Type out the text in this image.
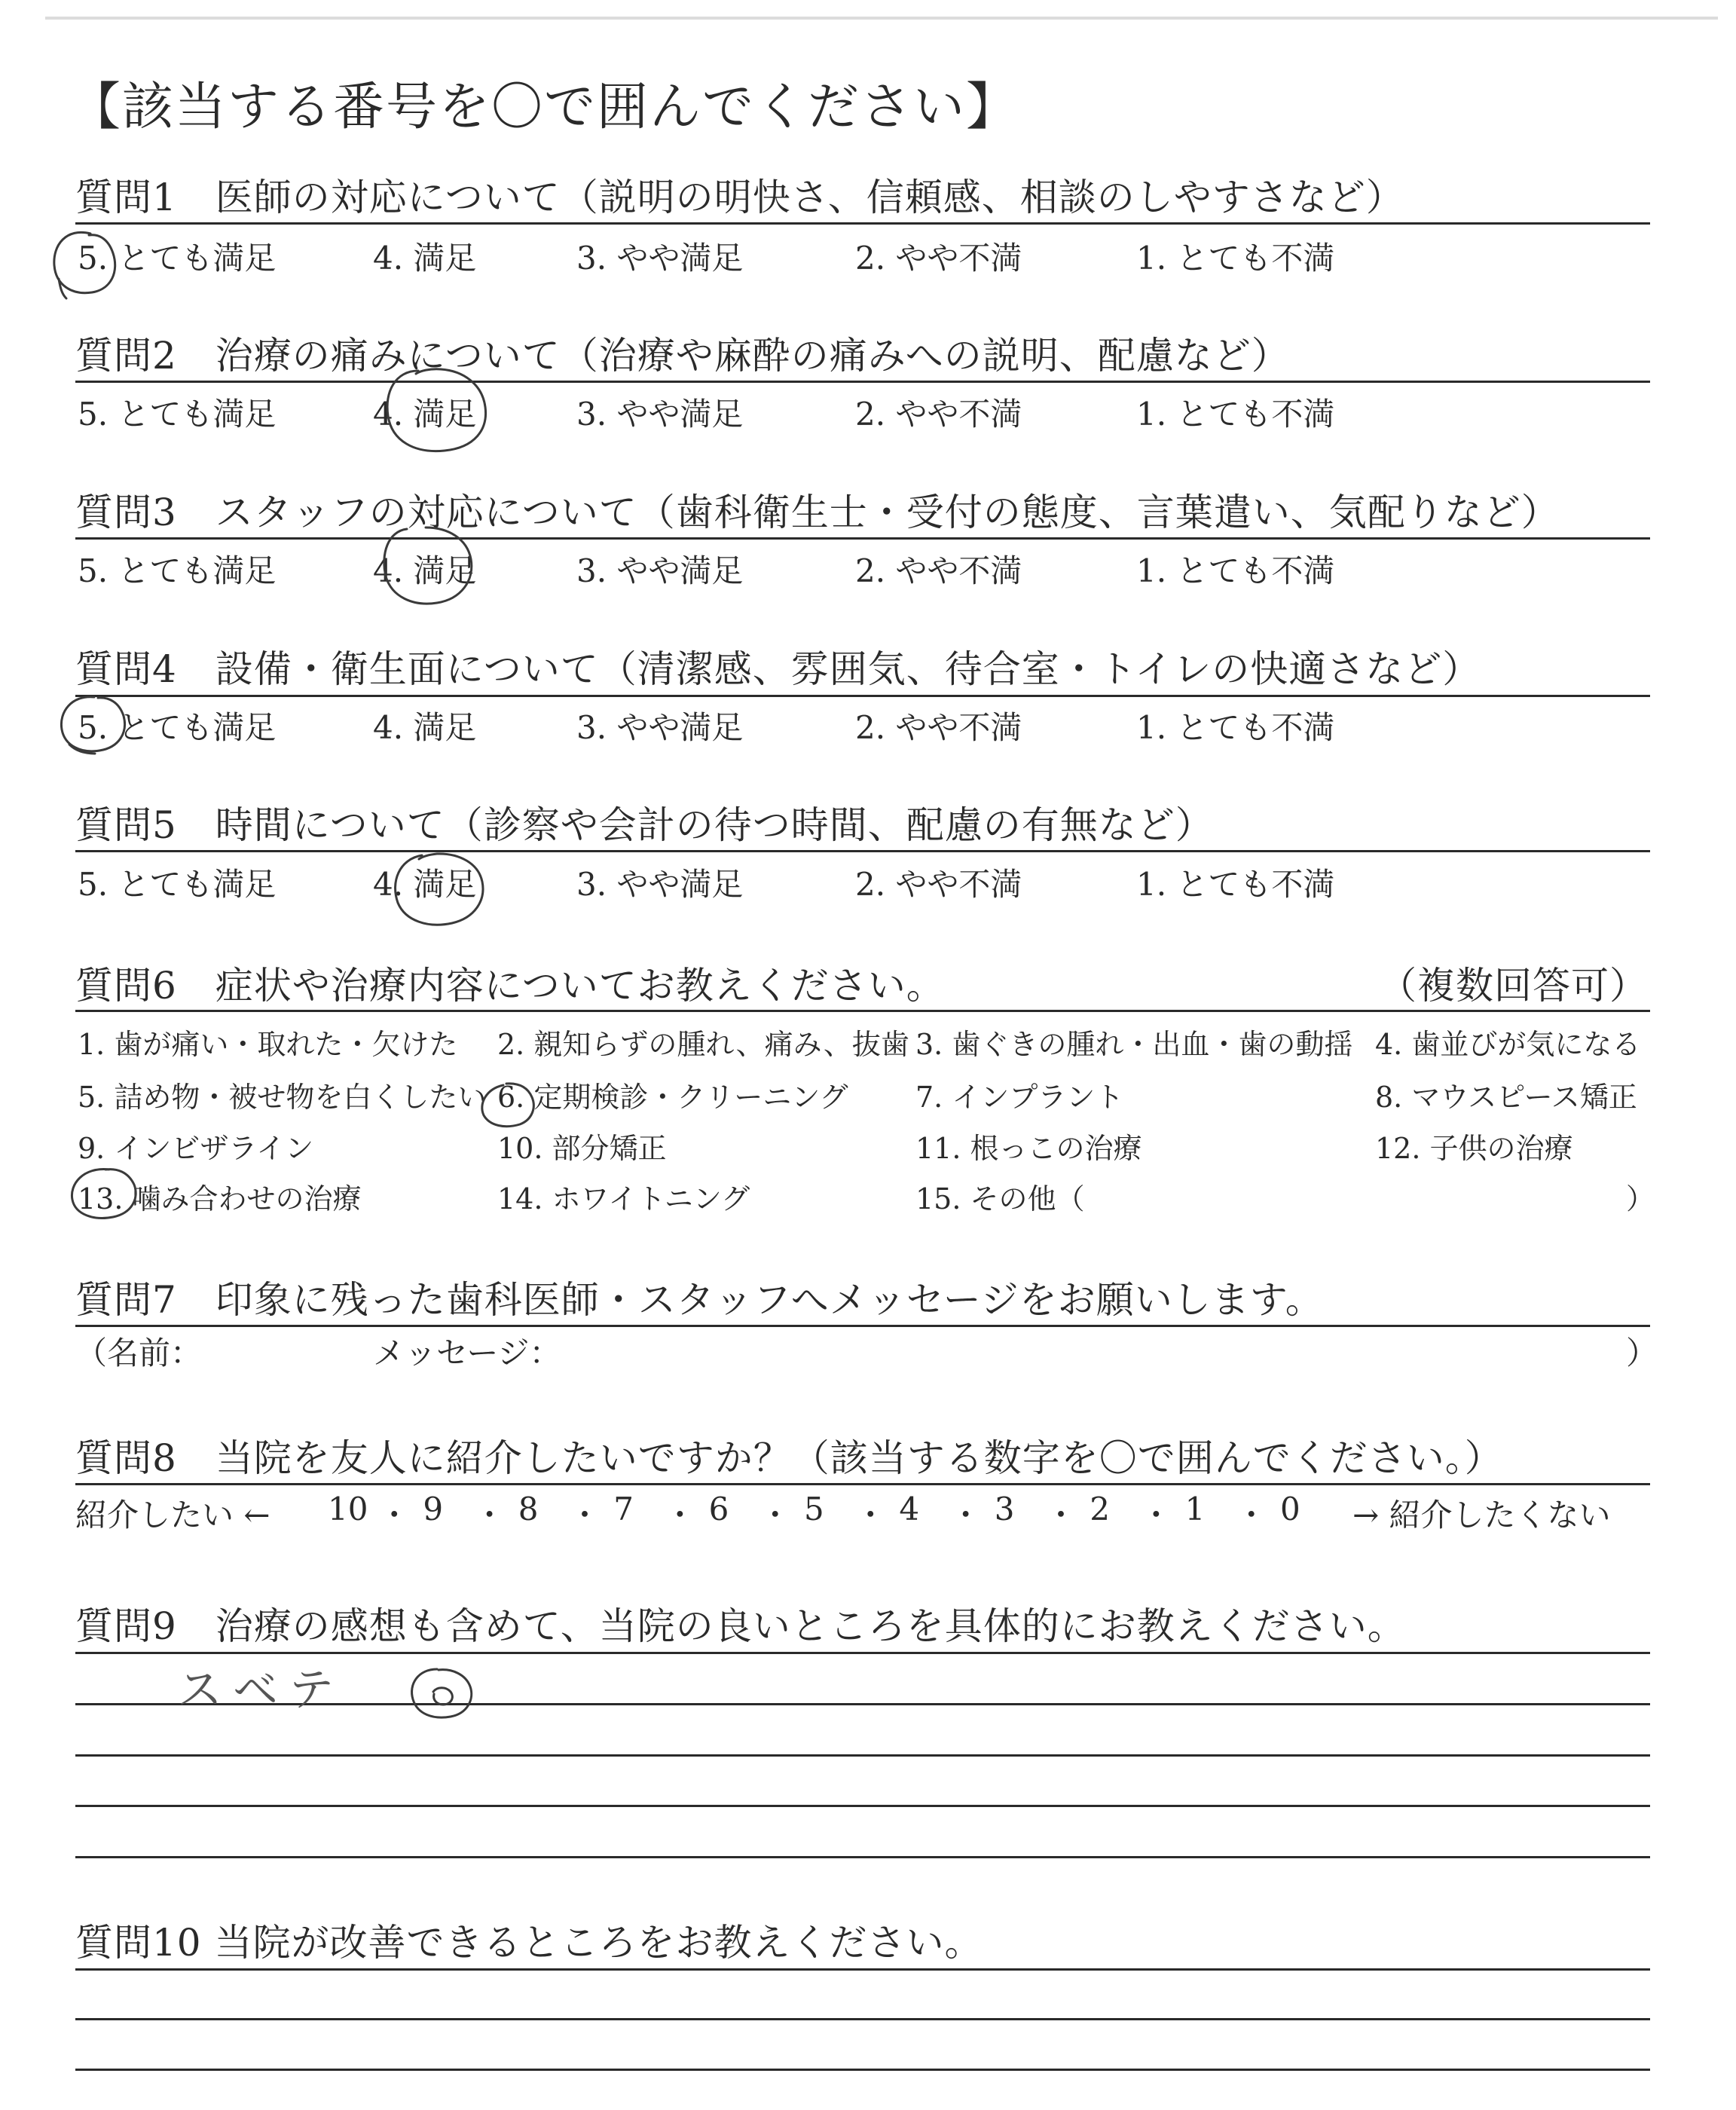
【該当する番号を〇で囲んでください】
質問1　医師の対応について（説明の明快さ、信頼感、相談のしやすさなど）
5. とても満足	4. 満足	3. やや満足	2. やや不満	1. とても不満
質問2　治療の痛みについて（治療や麻酔の痛みへの説明、配慮など）
5. とても満足	4. 満足	3. やや満足	2. やや不満	1. とても不満
質問3　スタッフの対応について（歯科衛生士・受付の態度、言葉遣い、気配りなど）
5. とても満足	4. 満足	3. やや満足	2. やや不満	1. とても不満
質問4　設備・衛生面について（清潔感、雰囲気、待合室・トイレの快適さなど）
5. とても満足	4. 満足	3. やや満足	2. やや不満	1. とても不満
質問5　時間について（診察や会計の待つ時間、配慮の有無など）
5. とても満足	4. 満足	3. やや満足	2. やや不満	1. とても不満
質問6　症状や治療内容についてお教えください。	（複数回答可）
1. 歯が痛い・取れた・欠けた 2. 親知らずの腫れ、痛み、抜歯 3. 歯ぐきの腫れ・出血・歯の動揺 4. 歯並びが気になる
5. 詰め物・被せ物を白くしたい 6. 定期検診・クリーニング 7. インプラント	8. マウスピース矯正
9. インビザライン	10. 部分矯正	11. 根っこの治療	12. 子供の治療
13. 噛み合わせの治療	14. ホワイトニング	15. その他（	）
質問7　印象に残った歯科医師・スタッフへメッセージをお願いします。
（名前：	メッセージ：	）
質問8　当院を友人に紹介したいですか？（該当する数字を〇で囲んでください。）
紹介したい ← 10 ・ 9 ・ 8 ・ 7 ・ 6 ・ 5 ・ 4 ・ 3 ・ 2 ・ 1 ・ 0 → 紹介したくない
質問9　治療の感想も含めて、当院の良いところを具体的にお教えください。
スベテ
質問10 当院が改善できるところをお教えください。
